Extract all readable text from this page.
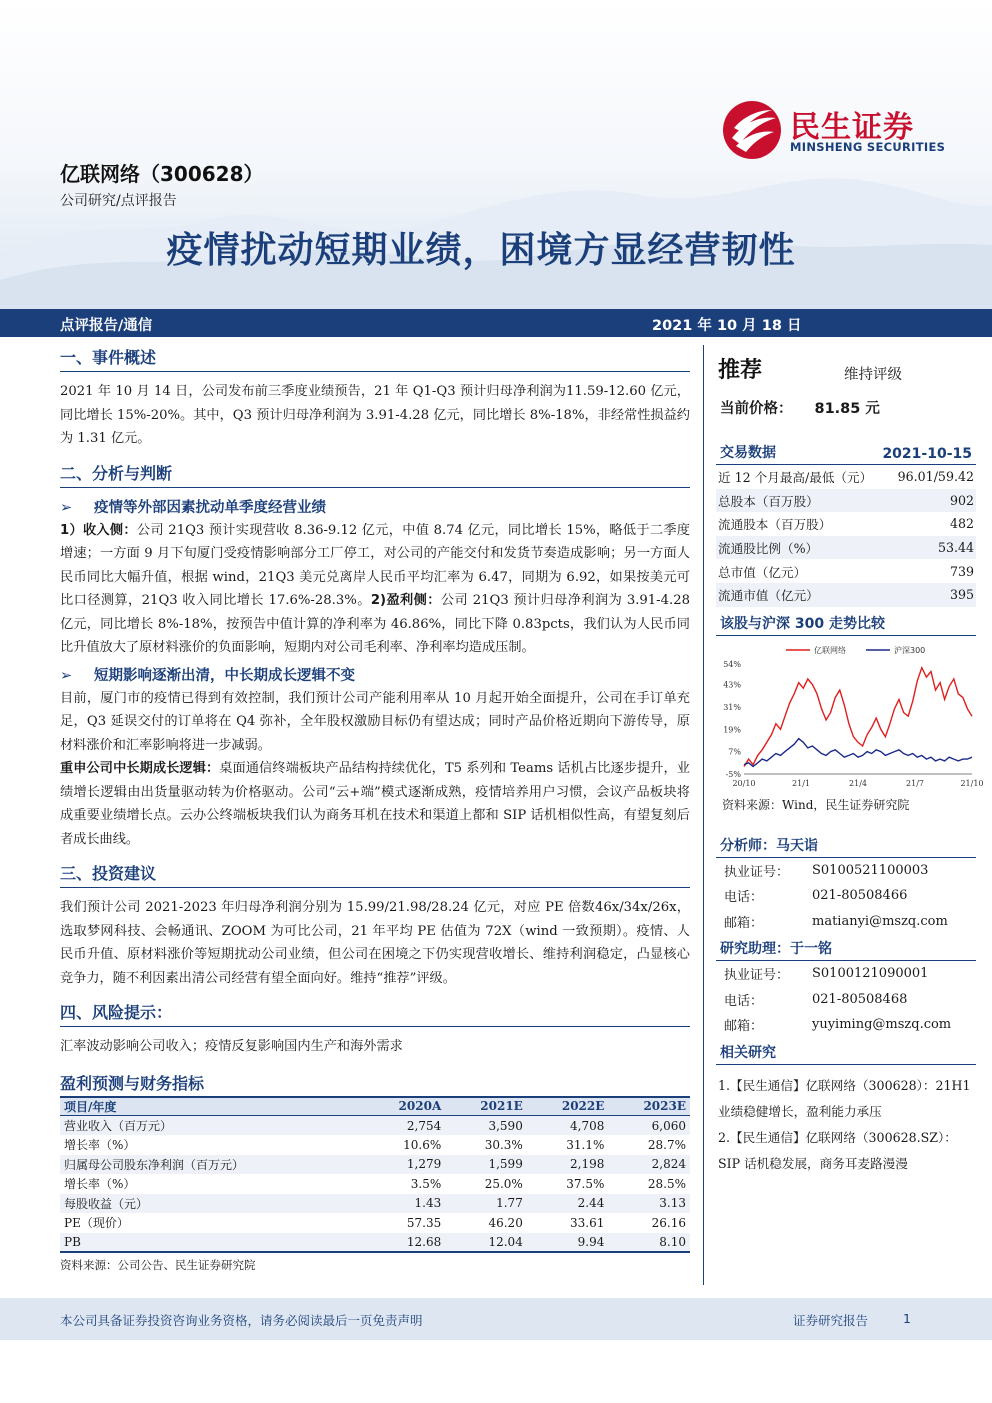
民生证券
MINSHENG SECURITIES
亿联网络（300628）
公司研究/点评报告
疫情扰动短期业绩，困境方显经营韧性
点评报告/通信	2021 年 10 月 18 日
一、事件概述

2021 年 10 月 14 日，公司发布前三季度业绩预告，21 年 Q1-Q3 预计归母净利润为11.59-12.60 亿元，同比增长 15%-20%。其中，Q3 预计归母净利润为 3.91-4.28 亿元，同比增长 8%-18%，非经常性损益约为 1.31 亿元。

二、分析与判断
➢ 疫情等外部因素扰动单季度经营业绩

1）收入侧：公司 21Q3 预计实现营收 8.36-9.12 亿元，中值 8.74 亿元，同比增长 15%，略低于二季度增速；一方面 9 月下旬厦门受疫情影响部分工厂停工，对公司的产能交付和发货节奏造成影响；另一方面人民币同比大幅升值，根据 wind，21Q3 美元兑离岸人民币平均汇率为 6.47，同期为 6.92，如果按美元可比口径测算，21Q3 收入同比增长 17.6%-28.3%。2)盈利侧：公司 21Q3 预计归母净利润为 3.91-4.28 亿元，同比增长 8%-18%，按预告中值计算的净利率为 46.86%，同比下降 0.83pcts，我们认为人民币同比升值放大了原材料涨价的负面影响，短期内对公司毛利率、净利率均造成压制。

➢ 短期影响逐渐出清，中长期成长逻辑不变

目前，厦门市的疫情已得到有效控制，我们预计公司产能利用率从 10 月起开始全面提升，公司在手订单充足，Q3 延误交付的订单将在 Q4 弥补，全年股权激励目标仍有望达成；同时产品价格近期向下游传导，原材料涨价和汇率影响将进一步减弱。

重申公司中长期成长逻辑：桌面通信终端板块产品结构持续优化，T5 系列和 Teams 话机占比逐步提升，业绩增长逻辑由出货量驱动转为价格驱动。公司“云+端”模式逐渐成熟，疫情培养用户习惯，会议产品板块将成重要业绩增长点。云办公终端板块我们认为商务耳机在技术和渠道上都和 SIP 话机相似性高，有望复刻后者成长曲线。

三、投资建议

我们预计公司 2021-2023 年归母净利润分别为 15.99/21.98/28.24 亿元，对应 PE 倍数46x/34x/26x，选取梦网科技、会畅通讯、ZOOM 为可比公司，21 年平均 PE 估值为 72X（wind 一致预期）。疫情、人民币升值、原材料涨价等短期扰动公司业绩，但公司在困境之下仍实现营收增长、维持利润稳定，凸显核心竞争力，随不利因素出清公司经营有望全面向好。维持“推荐”评级。

四、风险提示：

汇率波动影响公司收入；疫情反复影响国内生产和海外需求

盈利预测与财务指标
项目/年度	2020A	2021E	2022E	2023E
营业收入（百万元）	2,754	3,590	4,708	6,060
增长率（%）	10.6%	30.3%	31.1%	28.7%
归属母公司股东净利润（百万元）	1,279	1,599	2,198	2,824
增长率（%）	3.5%	25.0%	37.5%	28.5%
每股收益（元）	1.43	1.77	2.44	3.13
PE（现价）	57.35	46.20	33.61	26.16
PB	12.68	12.04	9.94	8.10
资料来源：公司公告、民生证券研究院
推荐	维持评级
当前价格： 81.85 元
交易数据	2021-10-15
近 12 个月最高/最低（元） 96.01/59.42
总股本（百万股）	902
流通股本（百万股）	482
流通股比例（%）	53.44
总市值（亿元）	739
流通市值（亿元）	395
该股与沪深 300 走势比较
-5%
7%
19%
31%
43%
54%
20/10	21/1	21/4	21/7	21/10
亿联网络	沪深300
资料来源：Wind，民生证券研究院
分析师：马天诣
执业证号：	S0100521100003
电话：	021-80508466
邮箱：	matianyi@mszq.com
研究助理：于一铭
执业证号：	S0100121090001
电话：	021-80508468
邮箱：	yuyiming@mszq.com
相关研究
1.【民生通信】亿联网络（300628）：21H1业绩稳健增长，盈利能力承压
2.【民生通信】亿联网络（300628.SZ）：SIP 话机稳发展，商务耳麦路漫漫
本公司具备证券投资咨询业务资格，请务必阅读最后一页免责声明	证券研究报告	1
